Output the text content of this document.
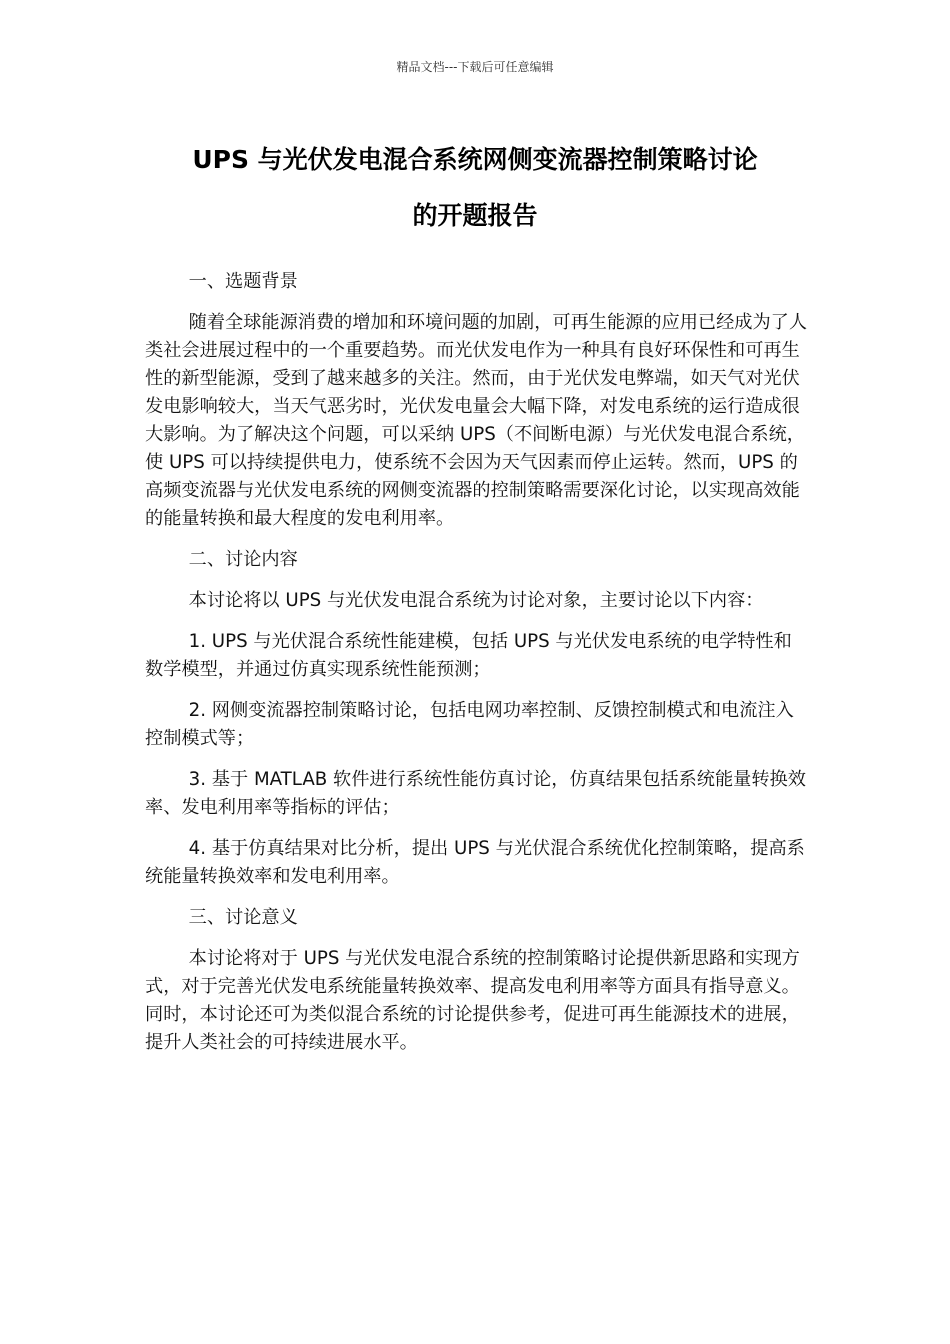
精品文档---下载后可任意编辑
UPS 与光伏发电混合系统网侧变流器控制策略讨论
的开题报告

一、选题背景

随着全球能源消费的增加和环境问题的加剧，可再生能源的应用已经成为了人类社会进展过程中的一个重要趋势。而光伏发电作为一种具有良好环保性和可再生性的新型能源，受到了越来越多的关注。然而，由于光伏发电弊端，如天气对光伏发电影响较大，当天气恶劣时，光伏发电量会大幅下降，对发电系统的运行造成很大影响。为了解决这个问题，可以采纳 UPS（不间断电源）与光伏发电混合系统，使 UPS 可以持续提供电力，使系统不会因为天气因素而停止运转。然而，UPS 的高频变流器与光伏发电系统的网侧变流器的控制策略需要深化讨论，以实现高效能的能量转换和最大程度的发电利用率。

二、讨论内容

本讨论将以 UPS 与光伏发电混合系统为讨论对象，主要讨论以下内容：

1. UPS 与光伏混合系统性能建模，包括 UPS 与光伏发电系统的电学特性和数学模型，并通过仿真实现系统性能预测；

2. 网侧变流器控制策略讨论，包括电网功率控制、反馈控制模式和电流注入控制模式等；

3. 基于 MATLAB 软件进行系统性能仿真讨论，仿真结果包括系统能量转换效率、发电利用率等指标的评估；

4. 基于仿真结果对比分析，提出 UPS 与光伏混合系统优化控制策略，提高系统能量转换效率和发电利用率。

三、讨论意义

本讨论将对于 UPS 与光伏发电混合系统的控制策略讨论提供新思路和实现方式，对于完善光伏发电系统能量转换效率、提高发电利用率等方面具有指导意义。同时，本讨论还可为类似混合系统的讨论提供参考，促进可再生能源技术的进展，提升人类社会的可持续进展水平。
